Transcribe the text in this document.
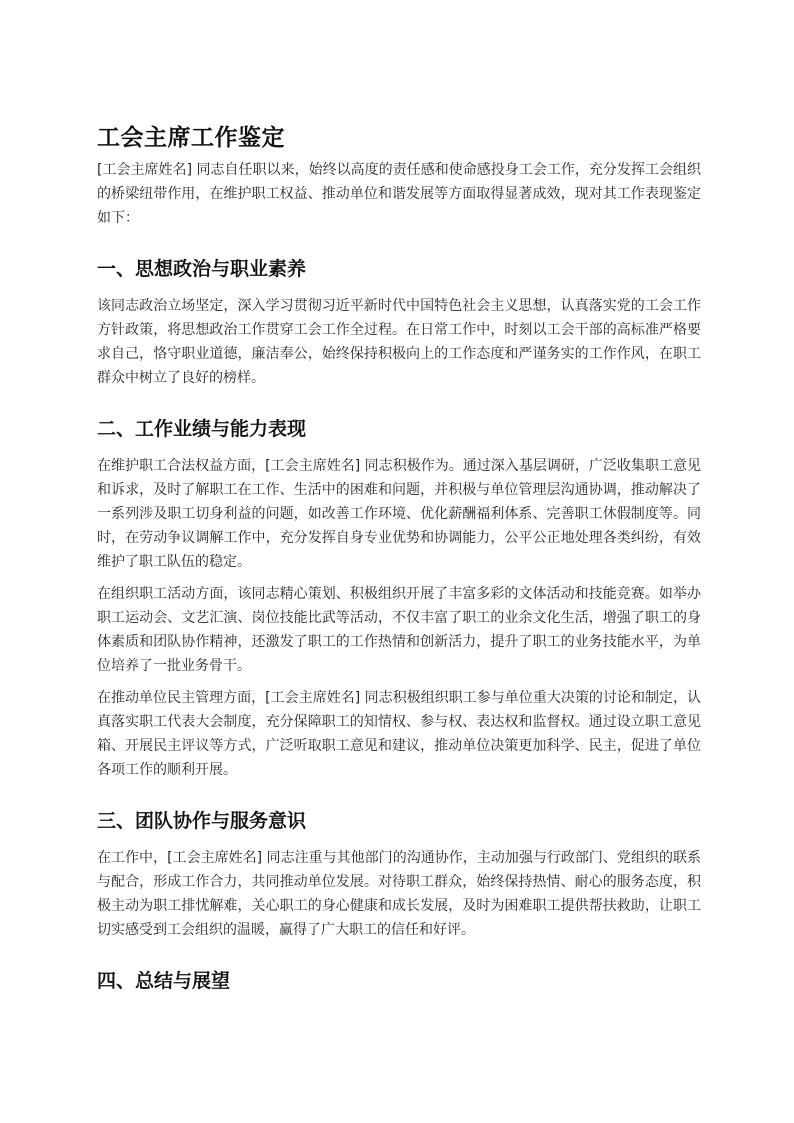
工会主席工作鉴定

[工会主席姓名] 同志自任职以来，始终以高度的责任感和使命感投身工会工作，充分发挥工会组织的桥梁纽带作用，在维护职工权益、推动单位和谐发展等方面取得显著成效，现对其工作表现鉴定如下：

一、思想政治与职业素养

该同志政治立场坚定，深入学习贯彻习近平新时代中国特色社会主义思想，认真落实党的工会工作方针政策，将思想政治工作贯穿工会工作全过程。在日常工作中，时刻以工会干部的高标准严格要求自己，恪守职业道德，廉洁奉公，始终保持积极向上的工作态度和严谨务实的工作作风，在职工群众中树立了良好的榜样。

二、工作业绩与能力表现

在维护职工合法权益方面，[工会主席姓名] 同志积极作为。通过深入基层调研，广泛收集职工意见和诉求，及时了解职工在工作、生活中的困难和问题，并积极与单位管理层沟通协调，推动解决了一系列涉及职工切身利益的问题，如改善工作环境、优化薪酬福利体系、完善职工休假制度等。同时，在劳动争议调解工作中，充分发挥自身专业优势和协调能力，公平公正地处理各类纠纷，有效维护了职工队伍的稳定。

在组织职工活动方面，该同志精心策划、积极组织开展了丰富多彩的文体活动和技能竞赛。如举办职工运动会、文艺汇演、岗位技能比武等活动，不仅丰富了职工的业余文化生活，增强了职工的身体素质和团队协作精神，还激发了职工的工作热情和创新活力，提升了职工的业务技能水平，为单位培养了一批业务骨干。

在推动单位民主管理方面，[工会主席姓名] 同志积极组织职工参与单位重大决策的讨论和制定，认真落实职工代表大会制度，充分保障职工的知情权、参与权、表达权和监督权。通过设立职工意见箱、开展民主评议等方式，广泛听取职工意见和建议，推动单位决策更加科学、民主，促进了单位各项工作的顺利开展。

三、团队协作与服务意识

在工作中，[工会主席姓名] 同志注重与其他部门的沟通协作，主动加强与行政部门、党组织的联系与配合，形成工作合力，共同推动单位发展。对待职工群众，始终保持热情、耐心的服务态度，积极主动为职工排忧解难，关心职工的身心健康和成长发展，及时为困难职工提供帮扶救助，让职工切实感受到工会组织的温暖，赢得了广大职工的信任和好评。

四、总结与展望
